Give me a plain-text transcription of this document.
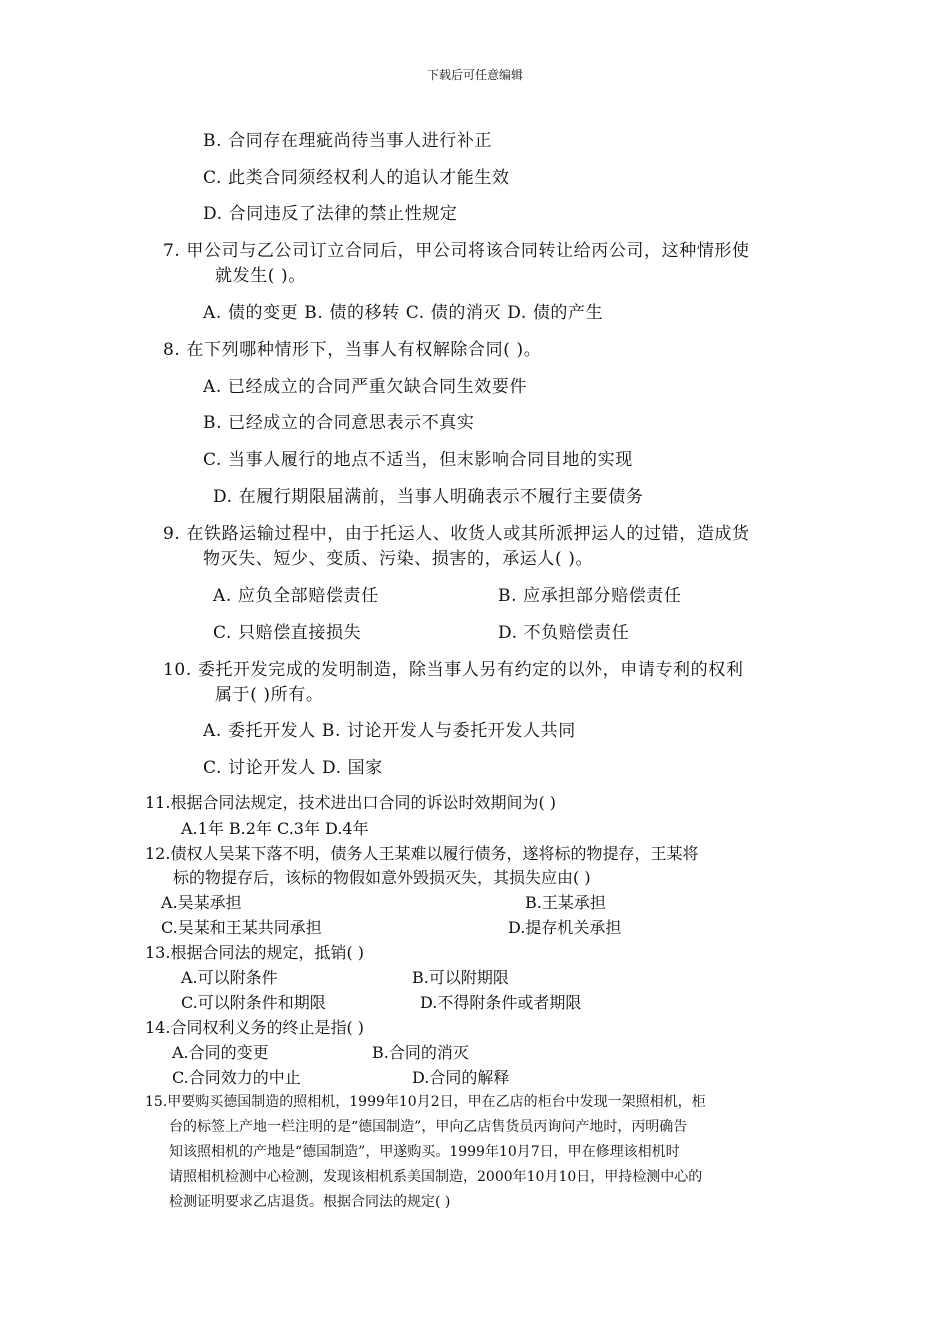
下载后可任意编辑
B. 合同存在理疵尚待当事人进行补正
C. 此类合同须经权利人的追认才能生效
D. 合同违反了法律的禁止性规定
7. 甲公司与乙公司订立合同后，甲公司将该合同转让给丙公司，这种情形使
就发生( )。
A. 债的变更 B. 债的移转 C. 债的消灭 D. 债的产生
8. 在下列哪种情形下，当事人有权解除合同( )。
A. 已经成立的合同严重欠缺合同生效要件
B. 已经成立的合同意思表示不真实
C. 当事人履行的地点不适当，但末影响合同目地的实现
D. 在履行期限届满前，当事人明确表示不履行主要债务
9. 在铁路运输过程中，由于托运人、收货人或其所派押运人的过错，造成货
物灭失、短少、变质、污染、损害的，承运人( )。
A. 应负全部赔偿责任	B. 应承担部分赔偿责任
C. 只赔偿直接损失	D. 不负赔偿责任
10. 委托开发完成的发明制造，除当事人另有约定的以外，申请专利的权利
属于( )所有。
A. 委托开发人 B. 讨论开发人与委托开发人共同
C. 讨论开发人 D. 国家
11.根据合同法规定，技术进出口合同的诉讼时效期间为( )
A.1年 B.2年 C.3年 D.4年
12.债权人吴某下落不明，债务人王某难以履行债务，遂将标的物提存，王某将
标的物提存后，该标的物假如意外毁损灭失，其损失应由( )
A.吴某承担	B.王某承担
C.吴某和王某共同承担	D.提存机关承担
13.根据合同法的规定，抵销( )
A.可以附条件	B.可以附期限
C.可以附条件和期限	D.不得附条件或者期限
14.合同权利义务的终止是指( )
A.合同的变更	B.合同的消灭
C.合同效力的中止	D.合同的解释
15.甲要购买德国制造的照相机，1999年10月2日，甲在乙店的柜台中发现一架照相机，柜
台的标签上产地一栏注明的是“德国制造”，甲向乙店售货员丙询问产地时，丙明确告
知该照相机的产地是“德国制造”，甲遂购买。1999年10月7日，甲在修理该相机时
请照相机检测中心检测，发现该相机系美国制造，2000年10月10日，甲持检测中心的
检测证明要求乙店退货。根据合同法的规定( )
